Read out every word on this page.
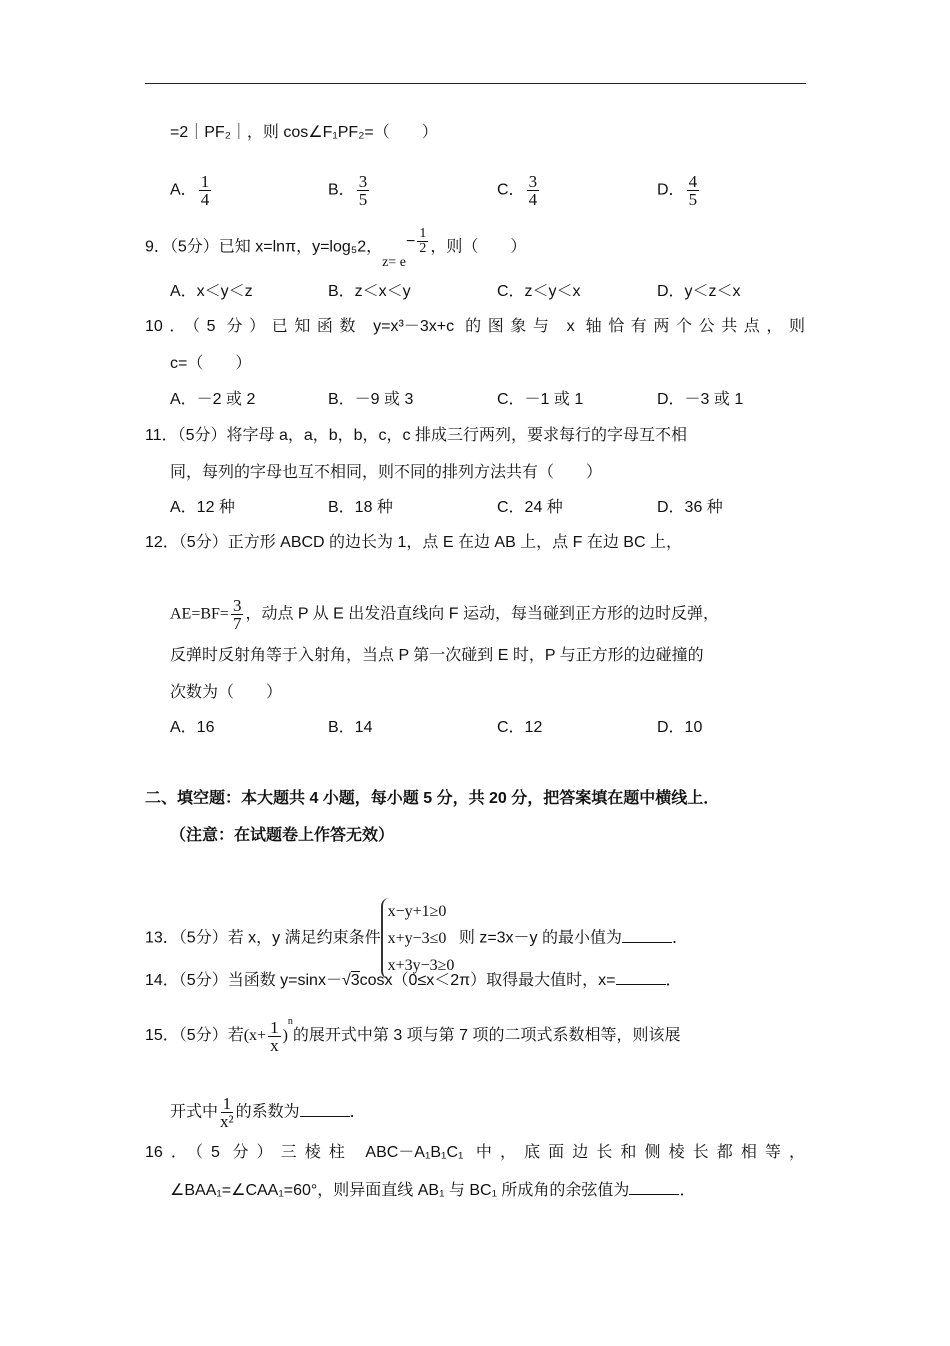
=2｜PF₂｜，则 cos∠F₁PF₂=（　　）
A． $\frac{1}{4}$	B． $\frac{3}{5}$	C． $\frac{3}{4}$	D． $\frac{4}{5}$
9．（5分）已知 x=lnπ，y=log₅2，$z= e- \frac{1}{2}$ ，则（　　）
A．x＜y＜z	B．z＜x＜y	C．z＜y＜x	D．y＜z＜x
10．（5 分）已知函数 y=x³－3x+c 的图象与 x 轴恰有两个公共点，则
c=（　　）
A．－2 或 2	B．－9 或 3	C．－1 或 1	D．－3 或 1
11．（5分）将字母 a，a，b，b，c，c 排成三行两列，要求每行的字母互不相
同，每列的字母也互不相同，则不同的排列方法共有（　　）
A．12 种	B．18 种	C．24 种	D．36 种
12．（5分）正方形 ABCD 的边长为 1，点 E 在边 AB 上，点 F 在边 BC 上，
$AE=BF= \frac{3}{7}$ ，动点 P 从 E 出发沿直线向 F 运动，每当碰到正方形的边时反弹，
反弹时反射角等于入射角，当点 P 第一次碰到 E 时，P 与正方形的边碰撞的
次数为（　　）
A．16	B．14	C．12	D．10
二、填空题：本大题共 4 小题，每小题 5 分，共 20 分，把答案填在题中横线上．
（注意：在试题卷上作答无效）
13．（5分）若 x，y 满足约束条件
x−y+1≥0
x+y−3≤0
x+3y−3≥0
则 z=3x－y 的最小值为	．
14．（5分）当函数 y=sinx－√3cosx（0≤x＜2π）取得最大值时，x=	．
15．（5分）若$(x+ \frac{1}{x} )^n$的展开式中第 3 项与第 7 项的二项式系数相等，则该展
开式中 $\frac{1}{\text{x²}}$ 的系数为	．
16．（5 分）三棱柱 ABC－A₁B₁C₁ 中，底面边长和侧棱长都相等，
∠BAA₁=∠CAA₁=60°，则异面直线 AB₁ 与 BC₁ 所成角的余弦值为	．
